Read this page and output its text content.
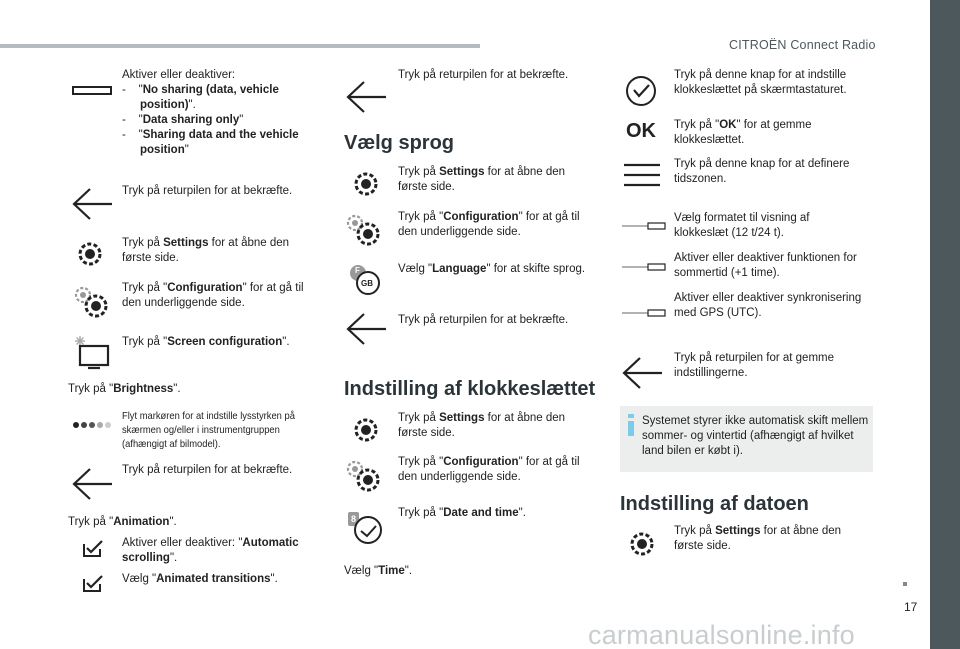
CITROËN Connect Radio
17
carmanualsonline.info
Aktiver eller deaktiver:
-    "No sharing (data, vehicle position)".
-    "Data sharing only"
-    "Sharing data and the vehicle position"
Tryk på returpilen for at bekræfte.
Tryk på Settings for at åbne den første side.
Tryk på "Configuration" for at gå til den underliggende side.
Tryk på "Screen configuration".
Tryk på "Brightness".
Flyt markøren for at indstille lysstyrken på skærmen og/eller i instrumentgruppen (afhængigt af bilmodel).
Tryk på returpilen for at bekræfte.
Tryk på "Animation".
Aktiver eller deaktiver: "Automatic scrolling".
Vælg "Animated transitions".
Tryk på returpilen for at bekræfte.
Vælg sprog
Tryk på Settings for at åbne den første side.
Tryk på "Configuration" for at gå til den underliggende side.
F
GB
Vælg "Language" for at skifte sprog.
Tryk på returpilen for at bekræfte.
Indstilling af klokkeslættet
Tryk på Settings for at åbne den første side.
Tryk på "Configuration" for at gå til den underliggende side.
8	Tryk på "Date and time".
Vælg "Time".
Tryk på denne knap for at indstille klokkeslættet på skærmtastaturet.
OK Tryk på "OK" for at gemme klokkeslættet.
Tryk på denne knap for at definere tidszonen.
Vælg formatet til visning af klokkeslæt (12 t/24 t).
Aktiver eller deaktiver funktionen for sommertid (+1 time).
Aktiver eller deaktiver synkronisering med GPS (UTC).
Tryk på returpilen for at gemme indstillingerne.
Systemet styrer ikke automatisk skift mellem sommer- og vintertid (afhængigt af hvilket land bilen er købt i).
Indstilling af datoen
Tryk på Settings for at åbne den første side.
